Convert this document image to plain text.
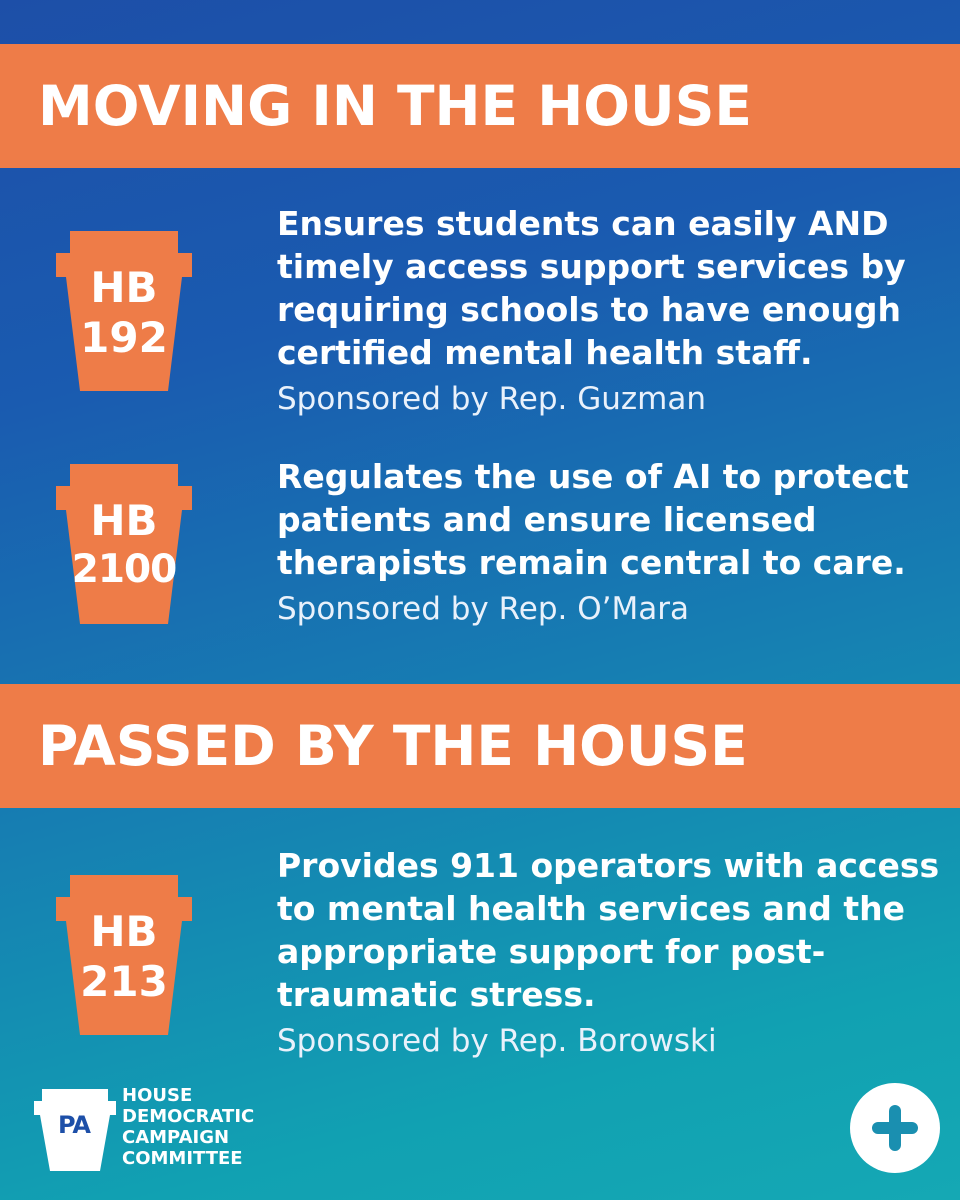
MOVING IN THE HOUSE
HB
192
Ensures students can easily AND
timely access support services by
requiring schools to have enough
certified mental health staff.
Sponsored by Rep. Guzman
HB
2100
Regulates the use of AI to protect
patients and ensure licensed
therapists remain central to care.
Sponsored by Rep. O’Mara
PASSED BY THE HOUSE
HB
213
Provides 911 operators with access
to mental health services and the
appropriate support for post-
traumatic stress.
Sponsored by Rep. Borowski
PA
HOUSE
DEMOCRATIC
CAMPAIGN
COMMITTEE
